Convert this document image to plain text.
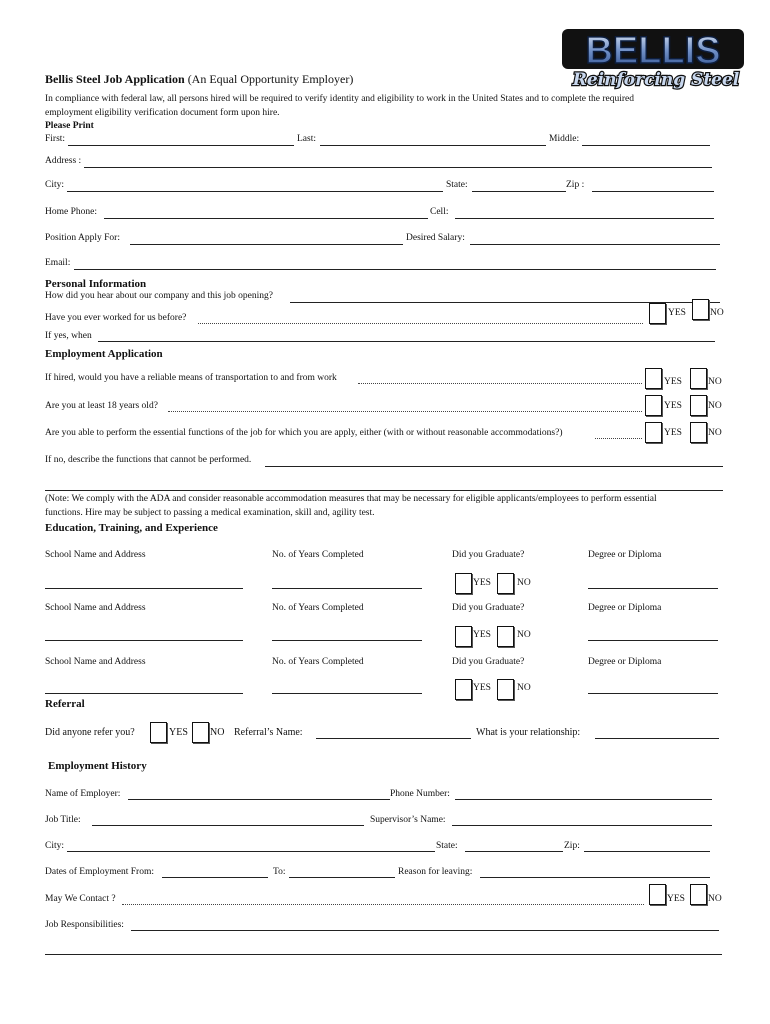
BELLIS
Reinforcing Steel
Bellis Steel Job Application (An Equal Opportunity Employer)
In compliance with federal law, all persons hired will be required to verify identity and eligibility to work in the United States and to complete the required
employment eligibility verification document form upon hire.
Please Print
First:	Last:	Middle:
Address :
City:	State:	Zip :
Home Phone:	Cell:
Position Apply For:	Desired Salary:
Email:
Personal Information
How did you hear about our company and this job opening?
Have you ever worked for us before?	YES	NO
If yes, when
Employment Application
If hired, would you have a reliable means of transportation to and from work	YES	NO
Are you at least 18 years old?	YES	NO
Are you able to perform the essential functions of the job for which you are apply, either (with or without reasonable accommodations?)	YES	NO
If no, describe the functions that cannot be performed.
(Note: We comply with the ADA and consider reasonable accommodation measures that may be necessary for eligible applicants/employees to perform essential
functions. Hire may be subject to passing a medical examination, skill and, agility test.
Education, Training, and Experience
School Name and Address	No. of Years Completed	Did you Graduate?	Degree or Diploma
YES	NO
School Name and Address	No. of Years Completed	Did you Graduate?	Degree or Diploma
YES	NO
School Name and Address	No. of Years Completed	Did you Graduate?	Degree or Diploma
YES	NO
Referral
Did anyone refer you?	YES NO Referral’s Name:	What is your relationship:
Employment History
Name of Employer:	Phone Number:
Job Title:	Supervisor’s Name:
City:	State:	Zip:
Dates of Employment From:	To:	Reason for leaving:
May We Contact ?	YES NO
Job Responsibilities:
